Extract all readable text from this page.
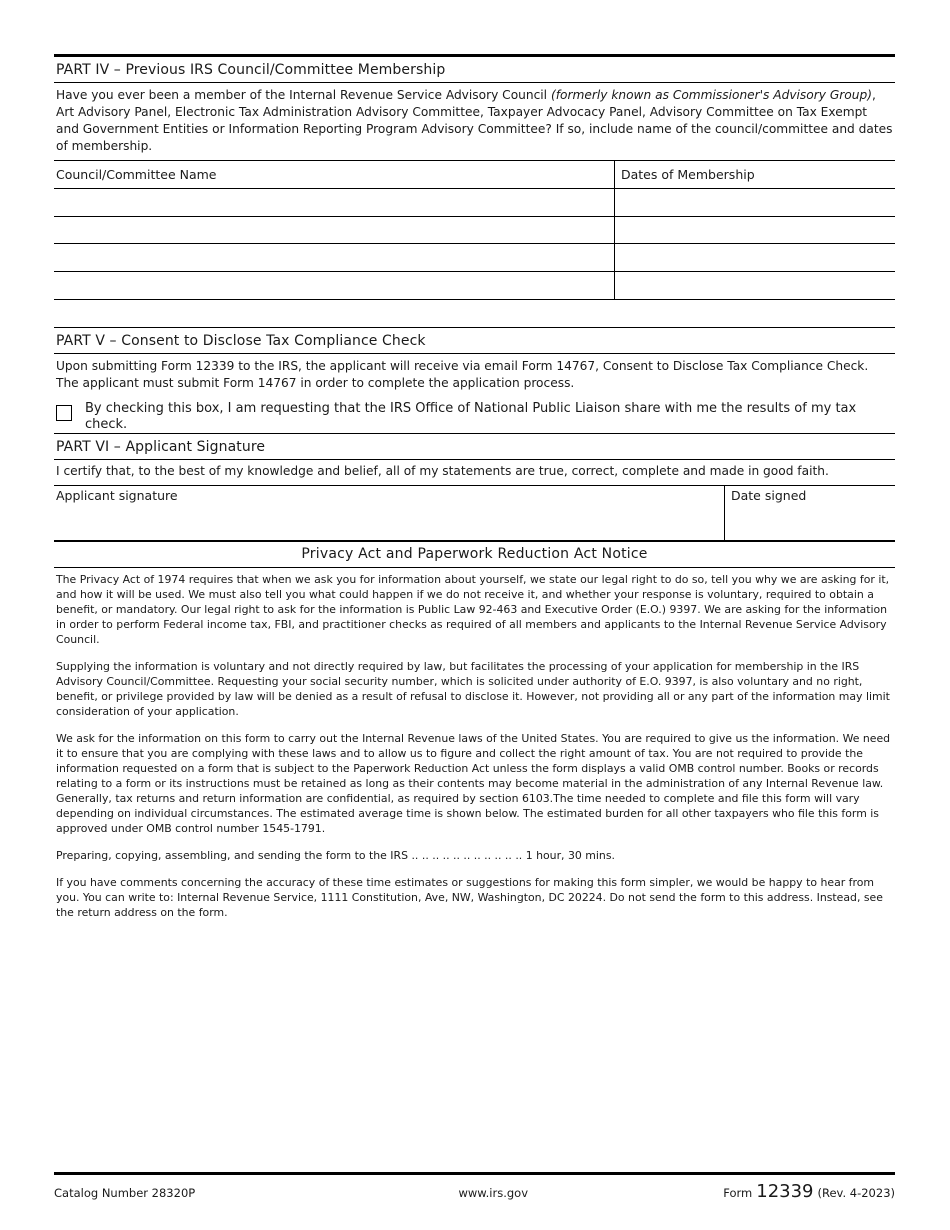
PART IV – Previous IRS Council/Committee Membership
Have you ever been a member of the Internal Revenue Service Advisory Council (formerly known as Commissioner's Advisory Group), Art Advisory Panel, Electronic Tax Administration Advisory Committee, Taxpayer Advocacy Panel, Advisory Committee on Tax Exempt and Government Entities or Information Reporting Program Advisory Committee? If so, include name of the council/committee and dates of membership.
Council/Committee Name	Dates of Membership

PART V – Consent to Disclose Tax Compliance Check
Upon submitting Form 12339 to the IRS, the applicant will receive via email Form 14767, Consent to Disclose Tax Compliance Check. The applicant must submit Form 14767 in order to complete the application process.
By checking this box, I am requesting that the IRS Office of National Public Liaison share with me the results of my tax check.
PART VI – Applicant Signature
I certify that, to the best of my knowledge and belief, all of my statements are true, correct, complete and made in good faith.
Applicant signature	Date signed
Privacy Act and Paperwork Reduction Act Notice

The Privacy Act of 1974 requires that when we ask you for information about yourself, we state our legal right to do so, tell you why we are asking for it, and how it will be used. We must also tell you what could happen if we do not receive it, and whether your response is voluntary, required to obtain a benefit, or mandatory. Our legal right to ask for the information is Public Law 92-463 and Executive Order (E.O.) 9397. We are asking for the information in order to perform Federal income tax, FBI, and practitioner checks as required of all members and applicants to the Internal Revenue Service Advisory Council.

Supplying the information is voluntary and not directly required by law, but facilitates the processing of your application for membership in the IRS Advisory Council/Committee. Requesting your social security number, which is solicited under authority of E.O. 9397, is also voluntary and no right, benefit, or privilege provided by law will be denied as a result of refusal to disclose it. However, not providing all or any part of the information may limit consideration of your application.

We ask for the information on this form to carry out the Internal Revenue laws of the United States. You are required to give us the information. We need it to ensure that you are complying with these laws and to allow us to figure and collect the right amount of tax. You are not required to provide the information requested on a form that is subject to the Paperwork Reduction Act unless the form displays a valid OMB control number. Books or records relating to a form or its instructions must be retained as long as their contents may become material in the administration of any Internal Revenue law. Generally, tax returns and return information are confidential, as required by section 6103.The time needed to complete and file this form will vary depending on individual circumstances. The estimated average time is shown below. The estimated burden for all other taxpayers who file this form is approved under OMB control number 1545-1791.

Preparing, copying, assembling, and sending the form to the IRS .. .. .. .. .. .. .. .. .. .. .. 1 hour, 30 mins.

If you have comments concerning the accuracy of these time estimates or suggestions for making this form simpler, we would be happy to hear from you. You can write to: Internal Revenue Service, 1111 Constitution, Ave, NW, Washington, DC 20224. Do not send the form to this address. Instead, see the return address on the form.

Catalog Number 28320P	www.irs.gov	Form 12339 (Rev. 4-2023)
